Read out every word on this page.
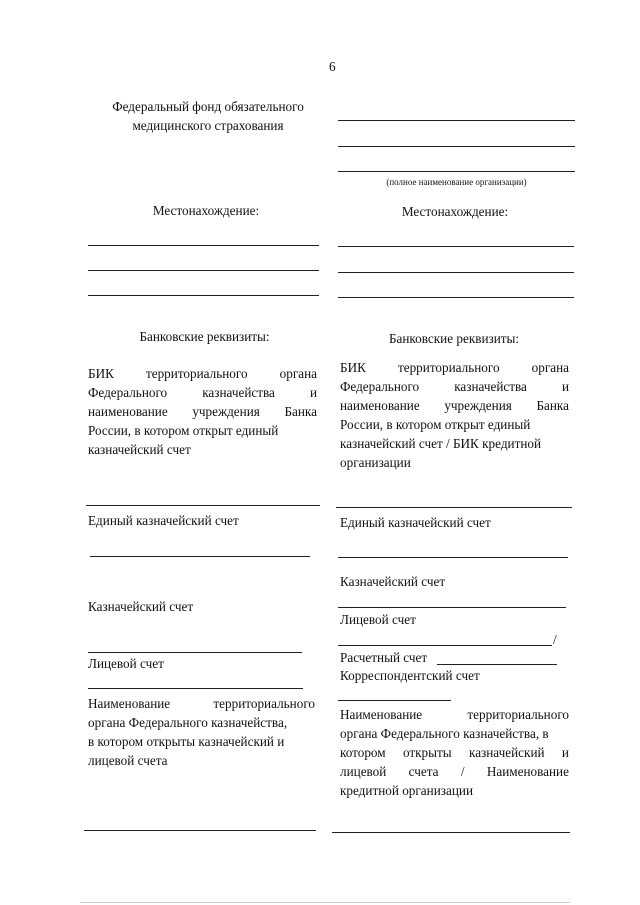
6
Федеральный фонд обязательного
медицинского страхования
Местонахождение:
Банковские реквизиты:
БИК территориального органа
Федерального	казначейства	и
наименование учреждения Банка
России, в котором открыт единый
казначейский счет
Единый казначейский счет
Казначейский счет
Лицевой счет
Наименование	территориального
органа Федерального казначейства,
в котором открыты казначейский и
лицевой счета
(полное наименование организации)
Местонахождение:
Банковские реквизиты:
БИК территориального органа
Федерального	казначейства	и
наименование учреждения Банка
России, в котором открыт единый
казначейский счет / БИК кредитной
организации
Единый казначейский счет
Казначейский счет
Лицевой счет
/
Расчетный счет
Корреспондентский счет
Наименование	территориального
органа Федерального казначейства, в
котором открыты казначейский и
лицевой счета / Наименование
кредитной организации
